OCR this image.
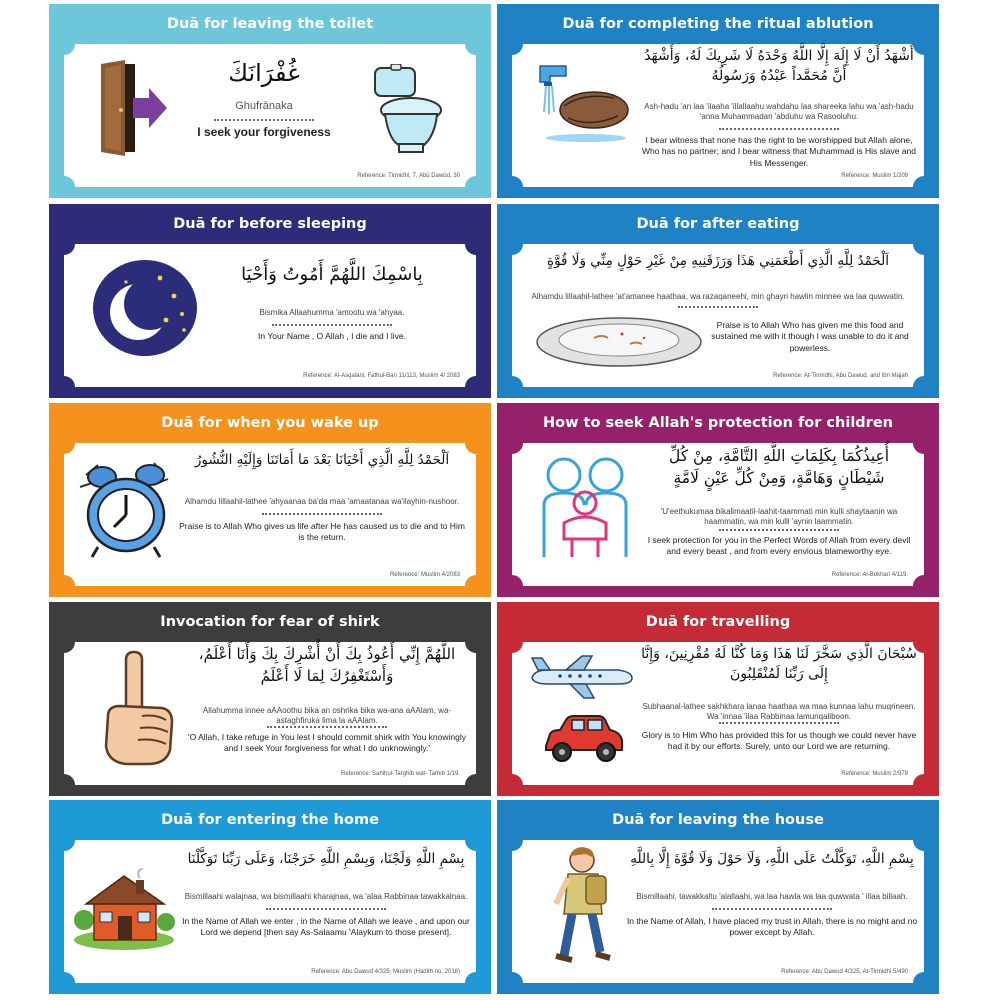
Duā for leaving the toilet
غُفْرَانَكَ
Ghufrānaka
I seek your forgiveness
Reference: Tirmidhi, 7, Abū Dawūd, 30
Duā for completing the ritual ablution
أَشْهَدُ أَنْ لَا إِلَهَ إِلَّا اللَّهُ وَحْدَهُ لَا شَرِيكَ لَهُ، وَأَشْهَدُ أَنَّ مُحَمَّداً عَبْدُهُ وَرَسُولُهُ
Ash-hadu 'an laa 'ilaaha 'illallaahu wahdahu laa shareeka lahu wa 'ash-hadu 'anna Muhammadan 'abduhu wa Rasooluhu.
I bear witness that none has the right to be worshipped but Allah alone, Who has no partner; and I bear witness that Muhammad is His slave and His Messenger.
Reference: Muslim 1/209
Duā for before sleeping
بِاسْمِكَ اللَّهُمَّ أَمُوتُ وَأَحْيَا
Bismika Allaahumma 'amootu wa 'ahyaa.
In Your Name , O Allah , I die and I live.
Reference: Al-Asqalani, Fathul-Bari 11/113, Muslim 4/ 2083
Duā for after eating
اَلْحَمْدُ لِلَّهِ الَّذِي أَطْعَمَنِي هَذَا وَرَزَقَنِيهِ مِنْ غَيْرِ حَوْلٍ مِنِّي وَلَا قُوَّةٍ
Alhamdu lillaahil-lathee 'at'amanee haathaa, wa razaqaneehi, min ghayri hawlin minnee wa laa quwwatin.
Praise is to Allah Who has given me this food and sustained me with it though I was unable to do it and powerless.
Reference: At-Tirmidhi, Abu Dawud, and Ibn Majah
Duā for when you wake up
اَلْحَمْدُ لِلَّهِ الَّذِي أَحْيَانَا بَعْدَ مَا أَمَاتَنَا وَإِلَيْهِ النُّشُورُ
Alhamdu lillaahil-lathee 'ahyaanaa ba'da maa 'amaatanaa wa'ilayhin-nushoor.
Praise is to Allah Who gives us life after He has caused us to die and to Him is the return.
Reference: Muslim 4/2083
How to seek Allah's protection for children
أُعِيذُكُمَا بِكَلِمَاتِ اللَّهِ التَّامَّةِ، مِنْ كُلِّ شَيْطَانٍ وَهَامَّةٍ، وَمِنْ كُلِّ عَيْنٍ لَامَّةٍ
'U'eethukumaa bikalimaatil-laahit-taammati min kulli shaytaanin wa haammatin, wa min kulli 'aynin laammatin.
I seek protection for you in the Perfect Words of Allah from every devil and every beast , and from every envious blameworthy eye.
Reference: Al-Bukhari 4/119.
Invocation for fear of shirk
اللَّهُمَّ إِنِّي أَعُوذُ بِكَ أَنْ أُشْرِكَ بِكَ وَأَنَا أَعْلَمُ، وَأَسْتَغْفِرُكَ لِمَا لَا أَعْلَمُ
Allahumma innee aAAoothu bika an oshrika bika wa-ana aAAlam, wa-astaghfiruka lima la aAAlam.
'O Allah, I take refuge in You lest I should commit shirk with You knowingly and I seek Your forgiveness for what I do unknowingly.'
Reference: Sahihut-Targhib wat- Tarhib 1/19.
Duā for travelling
سُبْحَانَ الَّذِي سَخَّرَ لَنَا هَذَا وَمَا كُنَّا لَهُ مُقْرِنِينَ، وَإِنَّا إِلَى رَبِّنَا لَمُنْقَلِبُونَ
Subhaanal-lathee sakhkhara lanaa haathaa wa maa kunnaa lahu muqrineen. Wa 'innaa 'ilaa Rabbinaa lamunqaliboon.
Glory is to Him Who has provided this for us though we could never have had it by our efforts. Surely, unto our Lord we are returning.
Reference: Muslim 2/978
Duā for entering the home
بِسْمِ اللَّهِ وَلَجْنَا، وَبِسْمِ اللَّهِ خَرَجْنَا، وَعَلَى رَبِّنَا تَوَكَّلْنَا
Bismillaahi walajnaa, wa bismillaahi kharajnaa, wa 'alaa Rabbinaa tawakkalnaa.
In the Name of Allah we enter , in the Name of Allah we leave , and upon our Lord we depend [then say As-Salaamu 'Alaykum to those present].
Reference: Abu Dawud 4/325, Muslim (Hadith no. 2018)
Duā for leaving the house
بِسْمِ اللَّهِ، تَوَكَّلْتُ عَلَى اللَّهِ، وَلَا حَوْلَ وَلَا قُوَّةَ إِلَّا بِاللَّهِ
Bismillaahi, tawakkaltu 'alallaahi, wa laa hawla wa laa quwwata ' illaa billaah.
In the Name of Allah, I have placed my trust in Allah, there is no might and no power except by Allah.
Reference: Abu Dawud 4/325, At-Tirmidhi 5/490
